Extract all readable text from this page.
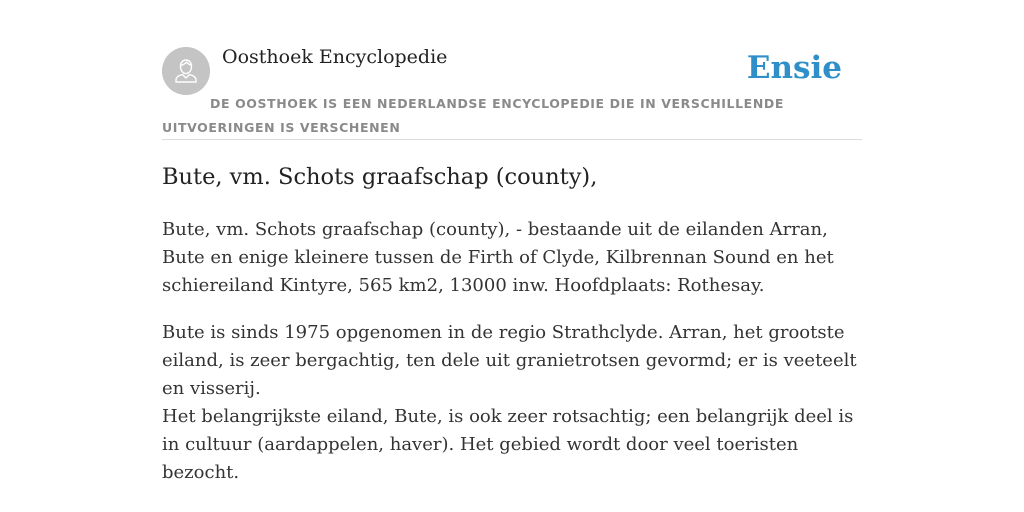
Oosthoek Encyclopedie	Ensie
DE OOSTHOEK IS EEN NEDERLANDSE ENCYCLOPEDIE DIE IN VERSCHILLENDE UITVOERINGEN IS VERSCHENEN
Bute, vm. Schots graafschap (county),

Bute, vm. Schots graafschap (county), - bestaande uit de eilanden Arran, Bute en enige kleinere tussen de Firth of Clyde, Kilbrennan Sound en het schiereiland Kintyre, 565 km2, 13000 inw. Hoofdplaats: Rothesay.

Bute is sinds 1975 opgenomen in de regio Strathclyde. Arran, het grootste eiland, is zeer bergachtig, ten dele uit granietrotsen gevormd; er is veeteelt en visserij.

Het belangrijkste eiland, Bute, is ook zeer rotsachtig; een belangrijk deel is in cultuur (aardappelen, haver). Het gebied wordt door veel toeristen bezocht.
